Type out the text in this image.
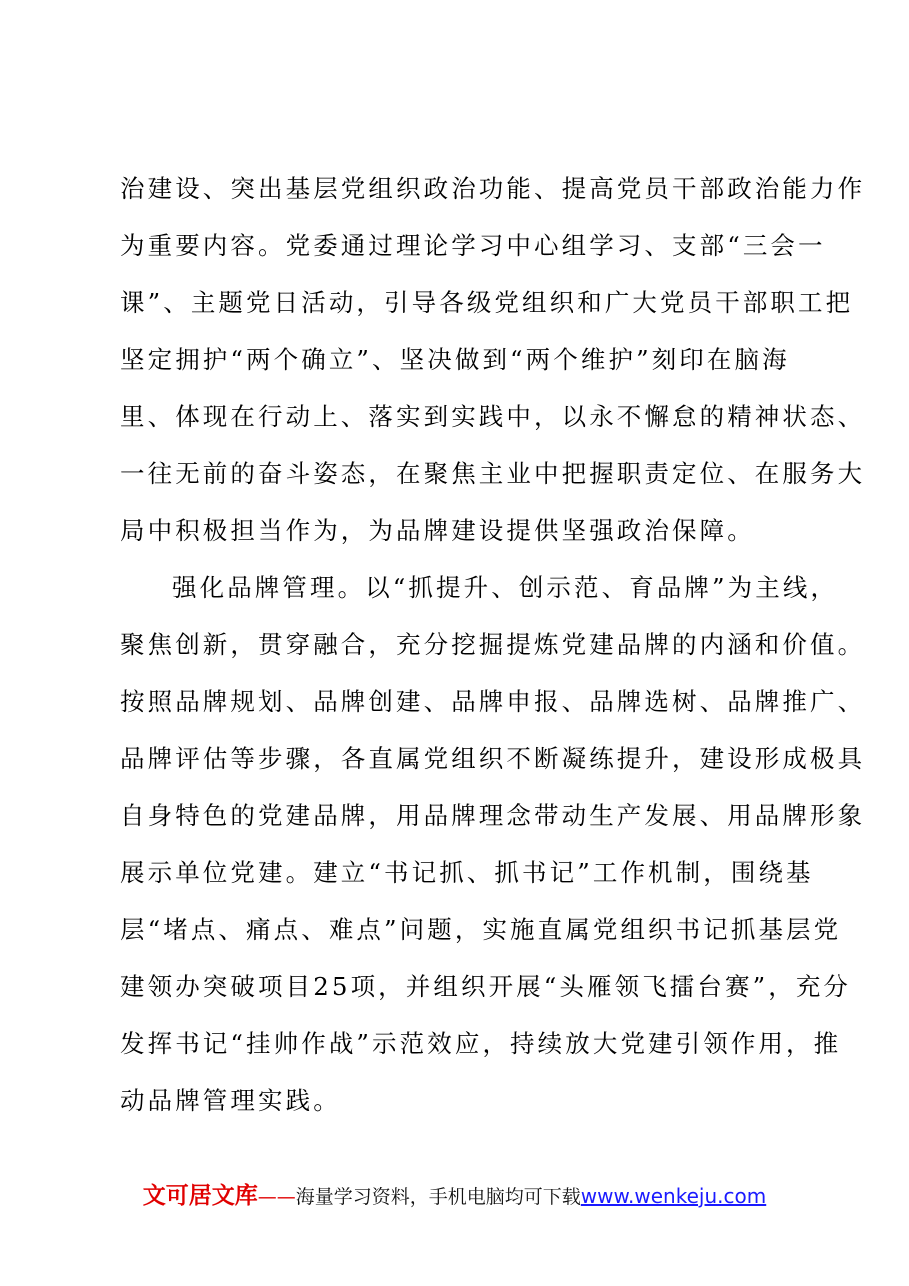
治建设、突出基层党组织政治功能、提高党员干部政治能力作
为重要内容。党委通过理论学习中心组学习、支部“三会一
课”、主题党日活动，引导各级党组织和广大党员干部职工把
坚定拥护“两个确立”、坚决做到“两个维护”刻印在脑海
里、体现在行动上、落实到实践中，以永不懈怠的精神状态、
一往无前的奋斗姿态，在聚焦主业中把握职责定位、在服务大
局中积极担当作为，为品牌建设提供坚强政治保障。
强化品牌管理。以“抓提升、创示范、育品牌”为主线，
聚焦创新，贯穿融合，充分挖掘提炼党建品牌的内涵和价值。
按照品牌规划、品牌创建、品牌申报、品牌选树、品牌推广、
品牌评估等步骤，各直属党组织不断凝练提升，建设形成极具
自身特色的党建品牌，用品牌理念带动生产发展、用品牌形象
展示单位党建。建立“书记抓、抓书记”工作机制，围绕基
层“堵点、痛点、难点”问题，实施直属党组织书记抓基层党
建领办突破项目25项，并组织开展“头雁领飞擂台赛”，充分
发挥书记“挂帅作战”示范效应，持续放大党建引领作用，推
动品牌管理实践。
文可居文库——海量学习资料，手机电脑均可下载www.wenkeju.com
